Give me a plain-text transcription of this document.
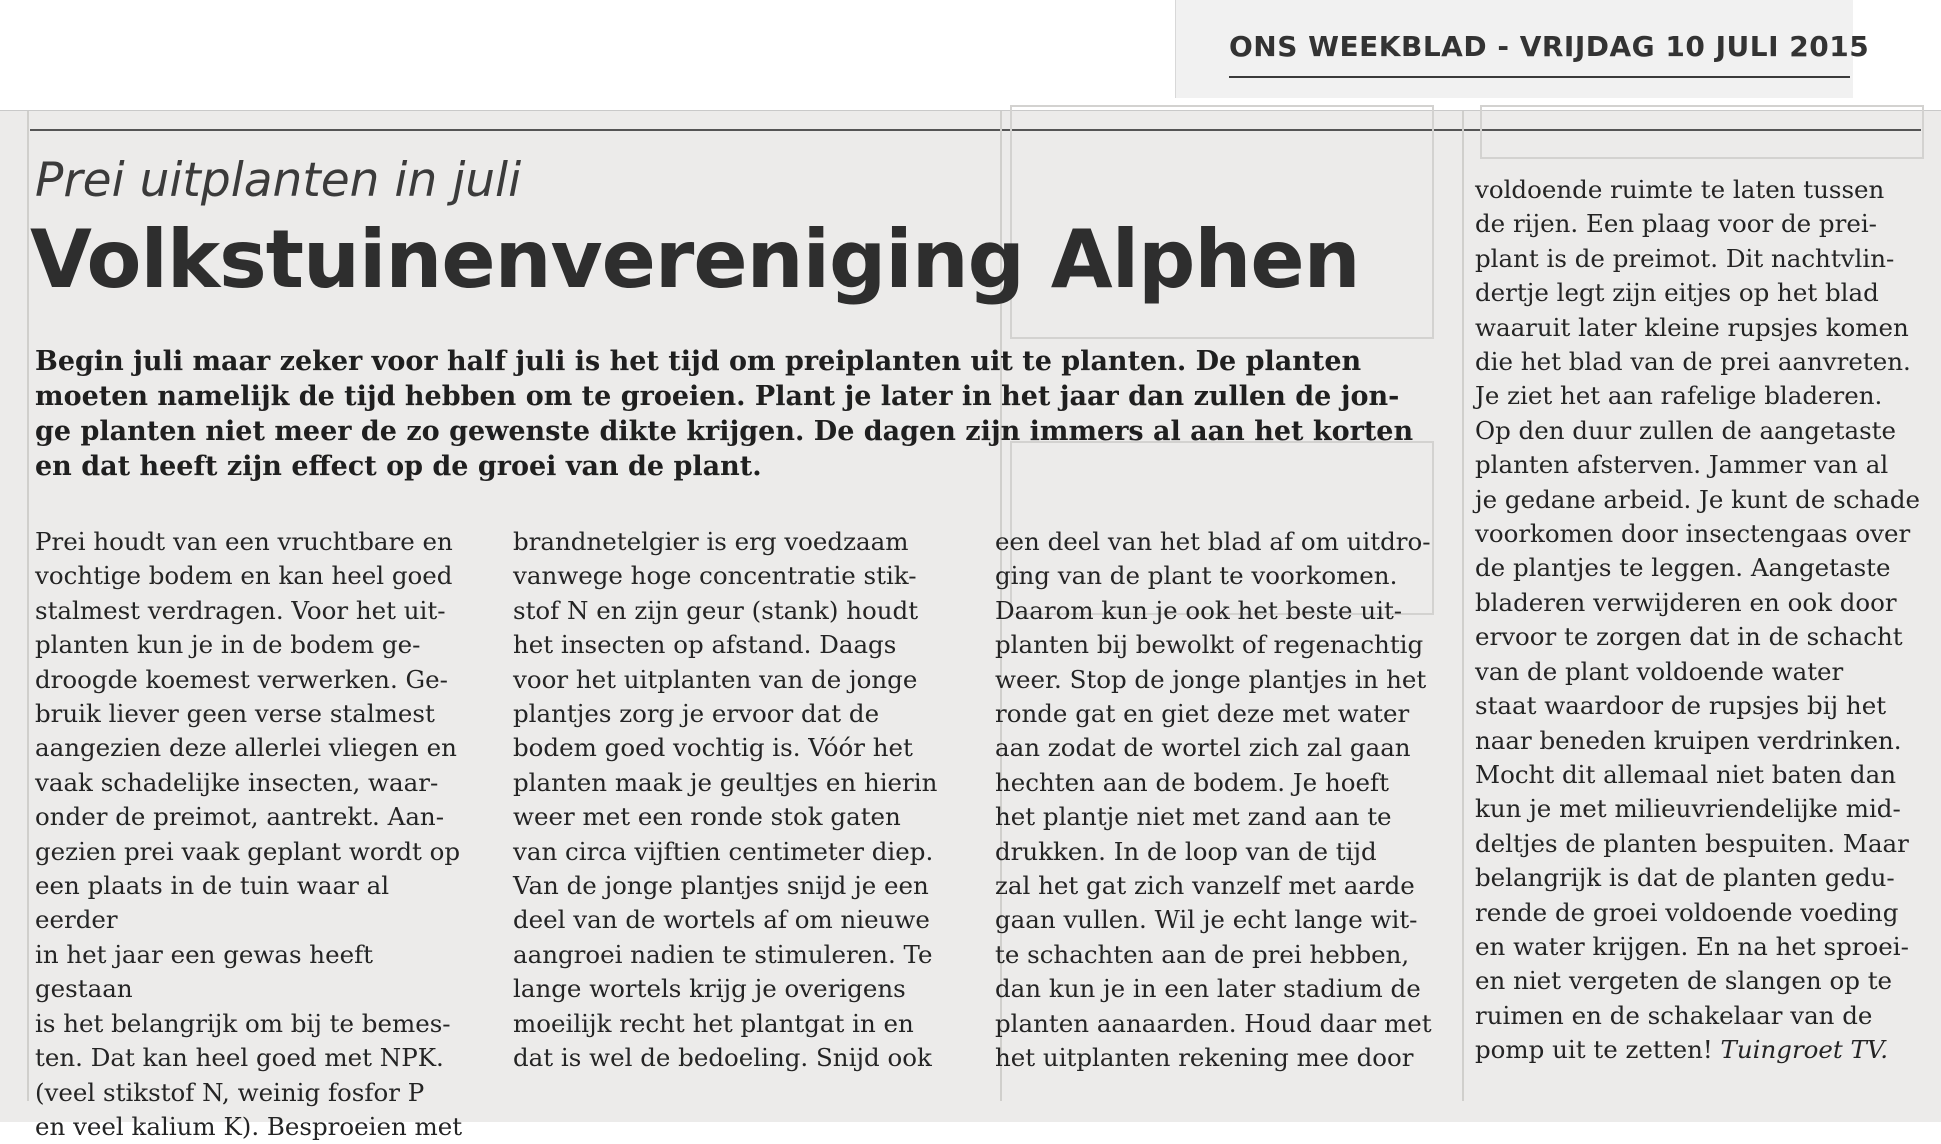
ONS WEEKBLAD - VRIJDAG 10 JULI 2015
Prei uitplanten in juli
Volkstuinenvereniging Alphen
Begin juli maar zeker voor half juli is het tijd om preiplanten uit te planten. De planten
moeten namelijk de tijd hebben om te groeien. Plant je later in het jaar dan zullen de jon-
ge planten niet meer de zo gewenste dikte krijgen. De dagen zijn immers al aan het korten
en dat heeft zijn effect op de groei van de plant.
Prei houdt van een vruchtbare en
vochtige bodem en kan heel goed
stalmest verdragen. Voor het uit-
planten kun je in de bodem ge-
droogde koemest verwerken. Ge-
bruik liever geen verse stalmest
aangezien deze allerlei vliegen en
vaak schadelijke insecten, waar-
onder de preimot, aantrekt. Aan-
gezien prei vaak geplant wordt op
een plaats in de tuin waar al eerder
in het jaar een gewas heeft gestaan
is het belangrijk om bij te bemes-
ten. Dat kan heel goed met NPK.
(veel stikstof N, weinig fosfor P
en veel kalium K). Besproeien met
brandnetelgier is erg voedzaam
vanwege hoge concentratie stik-
stof N en zijn geur (stank) houdt
het insecten op afstand. Daags
voor het uitplanten van de jonge
plantjes zorg je ervoor dat de
bodem goed vochtig is. Vóór het
planten maak je geultjes en hierin
weer met een ronde stok gaten
van circa vijftien centimeter diep.
Van de jonge plantjes snijd je een
deel van de wortels af om nieuwe
aangroei nadien te stimuleren. Te
lange wortels krijg je overigens
moeilijk recht het plantgat in en
dat is wel de bedoeling. Snijd ook
een deel van het blad af om uitdro-
ging van de plant te voorkomen.
Daarom kun je ook het beste uit-
planten bij bewolkt of regenachtig
weer. Stop de jonge plantjes in het
ronde gat en giet deze met water
aan zodat de wortel zich zal gaan
hechten aan de bodem. Je hoeft
het plantje niet met zand aan te
drukken. In de loop van de tijd
zal het gat zich vanzelf met aarde
gaan vullen. Wil je echt lange wit-
te schachten aan de prei hebben,
dan kun je in een later stadium de
planten aanaarden. Houd daar met
het uitplanten rekening mee door
voldoende ruimte te laten tussen
de rijen. Een plaag voor de prei-
plant is de preimot. Dit nachtvlin-
dertje legt zijn eitjes op het blad
waaruit later kleine rupsjes komen
die het blad van de prei aanvreten.
Je ziet het aan rafelige bladeren.
Op den duur zullen de aangetaste
planten afsterven. Jammer van al
je gedane arbeid. Je kunt de schade
voorkomen door insectengaas over
de plantjes te leggen. Aangetaste
bladeren verwijderen en ook door
ervoor te zorgen dat in de schacht
van de plant voldoende water
staat waardoor de rupsjes bij het
naar beneden kruipen verdrinken.
Mocht dit allemaal niet baten dan
kun je met milieuvriendelijke mid-
deltjes de planten bespuiten. Maar
belangrijk is dat de planten gedu-
rende de groei voldoende voeding
en water krijgen. En na het sproei-
en niet vergeten de slangen op te
ruimen en de schakelaar van de
pomp uit te zetten! Tuingroet TV.
